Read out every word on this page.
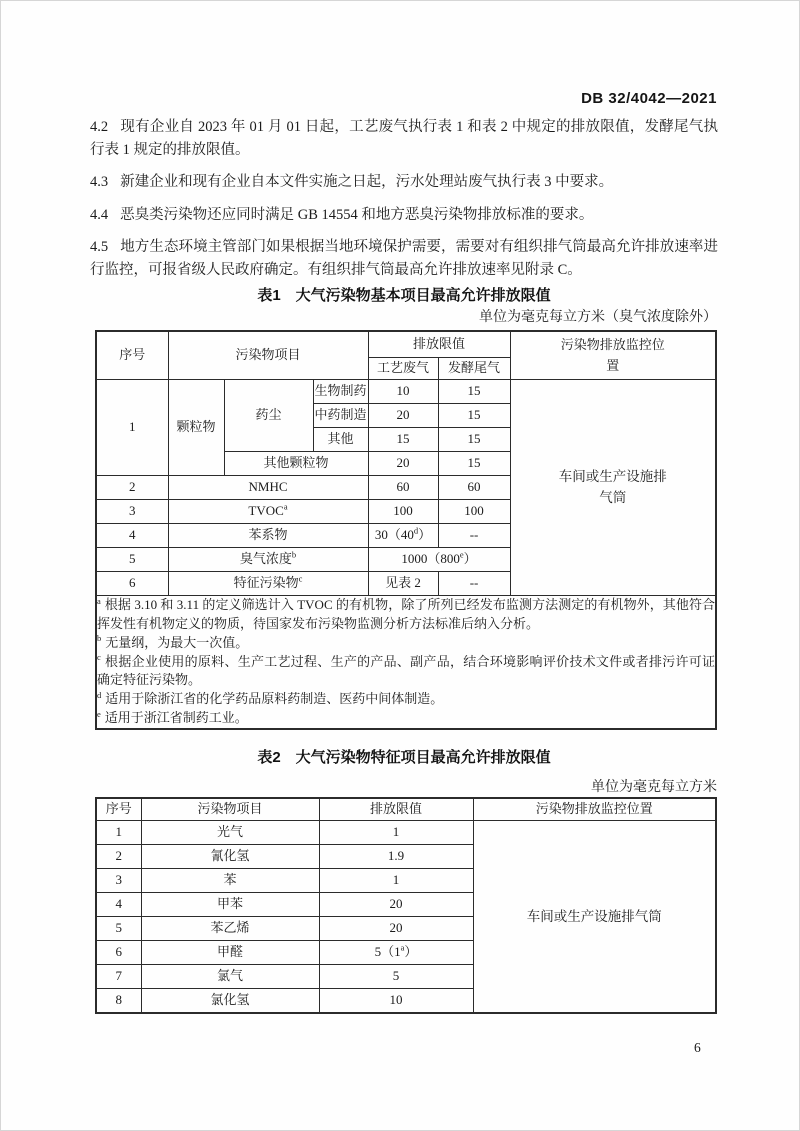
DB 32/4042—2021

4.2 现有企业自 2023 年 01 月 01 日起，工艺废气执行表 1 和表 2 中规定的排放限值，发酵尾气执行表 1 规定的排放限值。

4.3 新建企业和现有企业自本文件实施之日起，污水处理站废气执行表 3 中要求。

4.4 恶臭类污染物还应同时满足 GB 14554 和地方恶臭污染物排放标准的要求。

4.5 地方生态环境主管部门如果根据当地环境保护需要，需要对有组织排气筒最高允许排放速率进行监控，可报省级人民政府确定。有组织排气筒最高允许排放速率见附录 C。

表1　大气污染物基本项目最高允许排放限值
单位为毫克每立方米（臭气浓度除外）
序号	污染物项目			排放限值		污染物排放监控位置
				工艺废气	发酵尾气	
1	颗粒物	药尘	生物制药	10	15	车间或生产设施排气筒
			中药制造	20	15	
			其他	15	15	
		其他颗粒物		20	15	
2	NMHC			60	60	
3	TVOC$^a$			100	100	
4	苯系物			30（40$^d$）	--	
5	臭气浓度$^b$			1000（800e）		
6	特征污染物$^c$			见表 2	--	

$^a$ 根据 3.10 和 3.11 的定义筛选计入 TVOC 的有机物，除了所列已经发布监测方法测定的有机物外，其他符合挥发性有机物定义的物质，待国家发布污染物监测分析方法标准后纳入分析。
$^b$ 无量纲，为最大一次值。
$^c$ 根据企业使用的原料、生产工艺过程、生产的产品、副产品，结合环境影响评价技术文件或者排污许可证确定特征污染物。
$^d$ 适用于除浙江省的化学药品原料药制造、医药中间体制造。
$^e$ 适用于浙江省制药工业。						
表2　大气污染物特征项目最高允许排放限值
单位为毫克每立方米
序号	污染物项目	排放限值	污染物排放监控位置
1	光气	1	车间或生产设施排气筒
2	氰化氢	1.9	
3	苯	1	
4	甲苯	20	
5	苯乙烯	20	
6	甲醛	5（1$^a$）	
7	氯气	5	
8	氯化氢	10	
6
